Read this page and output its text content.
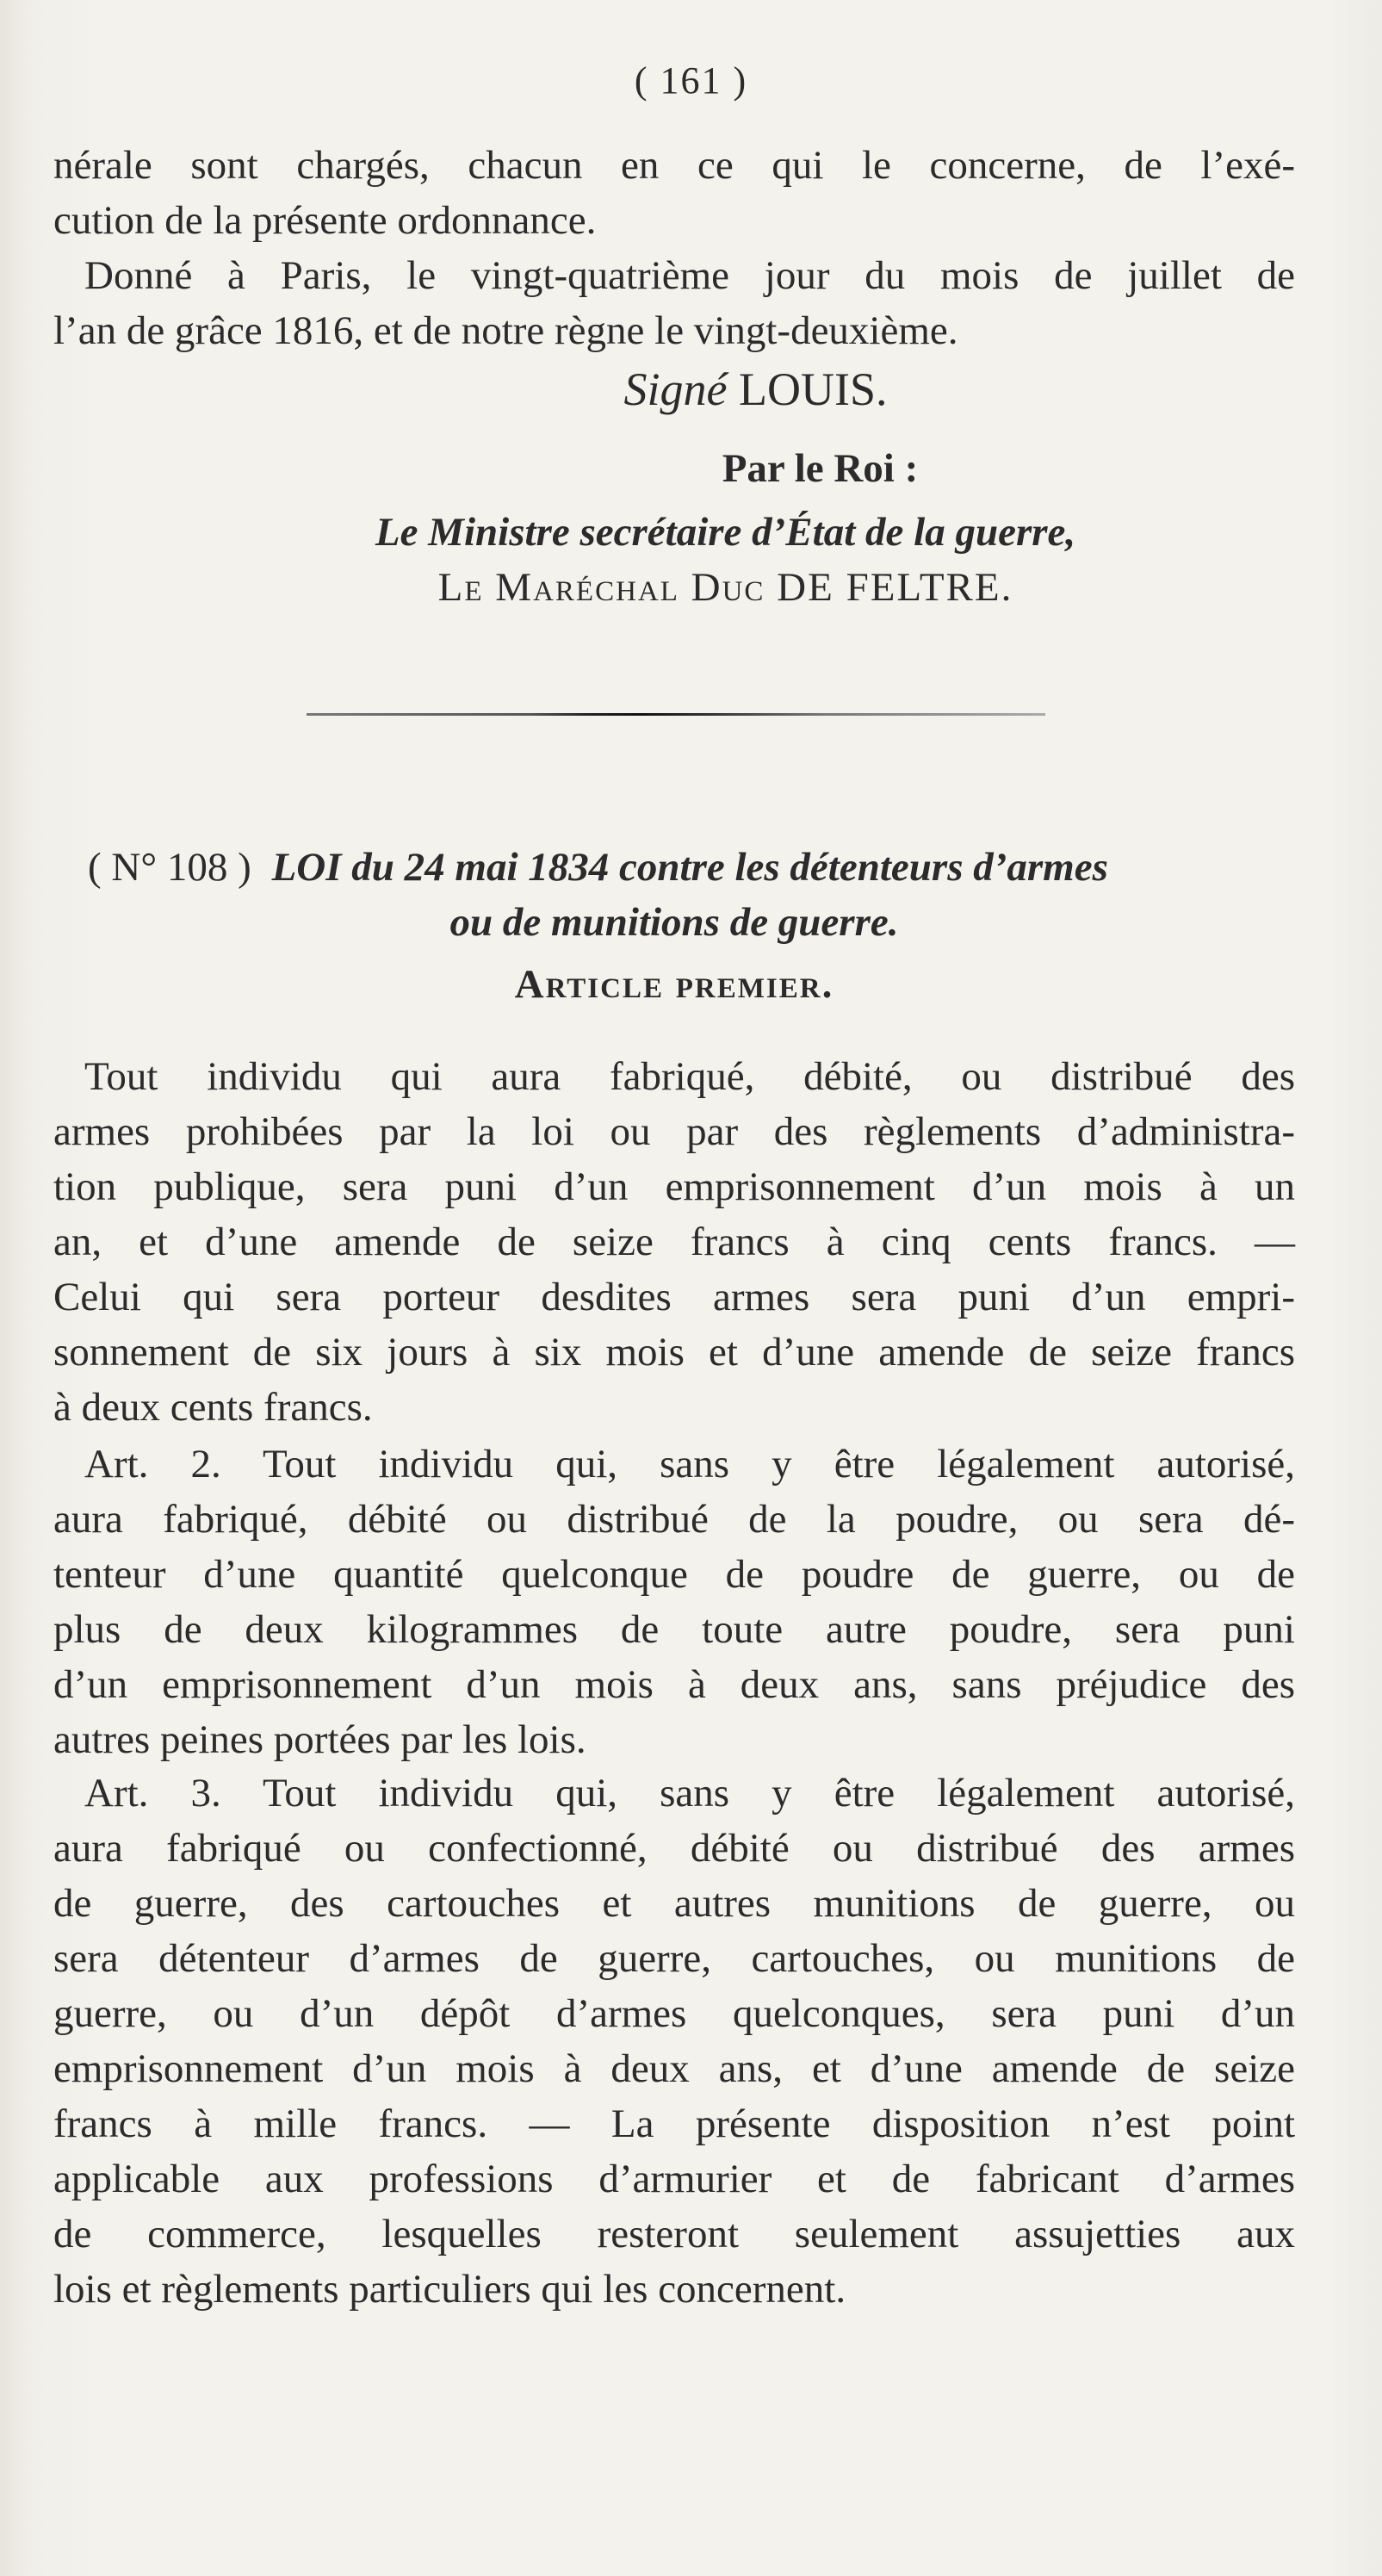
( 161 )
nérale sont chargés, chacun en ce qui le concerne, de l’exé-
cution de la présente ordonnance.
Donné à Paris, le vingt-quatrième jour du mois de juillet de
l’an de grâce 1816, et de notre règne le vingt-deuxième.
Signé LOUIS.
Par le Roi :
Le Ministre secrétaire d’État de la guerre,
Le Maréchal Duc DE FELTRE.
( N° 108 ) LOI du 24 mai 1834 contre les détenteurs d’armes
ou de munitions de guerre.
Article premier.
Tout individu qui aura fabriqué, débité, ou distribué des
armes prohibées par la loi ou par des règlements d’administra-
tion publique, sera puni d’un emprisonnement d’un mois à un
an, et d’une amende de seize francs à cinq cents francs. —
Celui qui sera porteur desdites armes sera puni d’un empri-
sonnement de six jours à six mois et d’une amende de seize francs
à deux cents francs.
Art. 2. Tout individu qui, sans y être légalement autorisé,
aura fabriqué, débité ou distribué de la poudre, ou sera dé-
tenteur d’une quantité quelconque de poudre de guerre, ou de
plus de deux kilogrammes de toute autre poudre, sera puni
d’un emprisonnement d’un mois à deux ans, sans préjudice des
autres peines portées par les lois.
Art. 3. Tout individu qui, sans y être légalement autorisé,
aura fabriqué ou confectionné, débité ou distribué des armes
de guerre, des cartouches et autres munitions de guerre, ou
sera détenteur d’armes de guerre, cartouches, ou munitions de
guerre, ou d’un dépôt d’armes quelconques, sera puni d’un
emprisonnement d’un mois à deux ans, et d’une amende de seize
francs à mille francs. — La présente disposition n’est point
applicable aux professions d’armurier et de fabricant d’armes
de commerce, lesquelles resteront seulement assujetties aux
lois et règlements particuliers qui les concernent.
